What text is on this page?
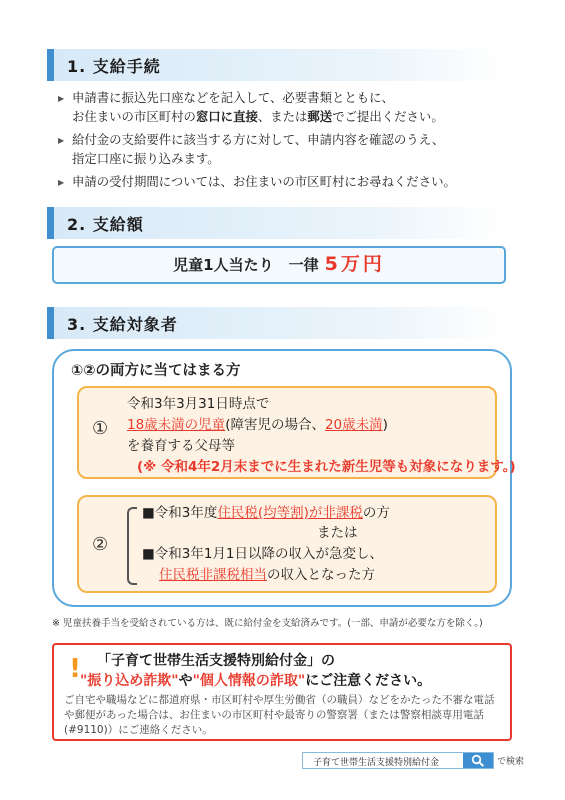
1. 支給手続
▶ 申請書に振込先口座などを記入して、必要書類とともに、
お住まいの市区町村の窓口に直接、または郵送でご提出ください。
▶ 給付金の支給要件に該当する方に対して、申請内容を確認のうえ、
指定口座に振り込みます。
▶ 申請の受付期間については、お住まいの市区町村にお尋ねください。
2. 支給額
児童1人当たり　一律 5万円
3. 支給対象者
①②の両方に当てはまる方
①
令和3年3月31日時点で
18歳未満の児童(障害児の場合、20歳未満)
を養育する父母等
(※ 令和4年2月末までに生まれた新生児等も対象になります。)
②
■令和3年度住民税(均等割)が非課税の方
または
■令和3年1月1日以降の収入が急変し、
住民税非課税相当の収入となった方
※ 児童扶養手当を受給されている方は、既に給付金を支給済みです。(一部、申請が必要な方を除く。)
! 「子育て世帯生活支援特別給付金」の
"振り込め詐欺"や"個人情報の詐取"にご注意ください。
ご自宅や職場などに都道府県・市区町村や厚生労働省（の職員）などをかたった不審な電話や郵便があった場合は、お住まいの市区町村や最寄りの警察署（または警察相談専用電話(#9110)）にご連絡ください。
子育て世帯生活支援特別給付金	で検索
